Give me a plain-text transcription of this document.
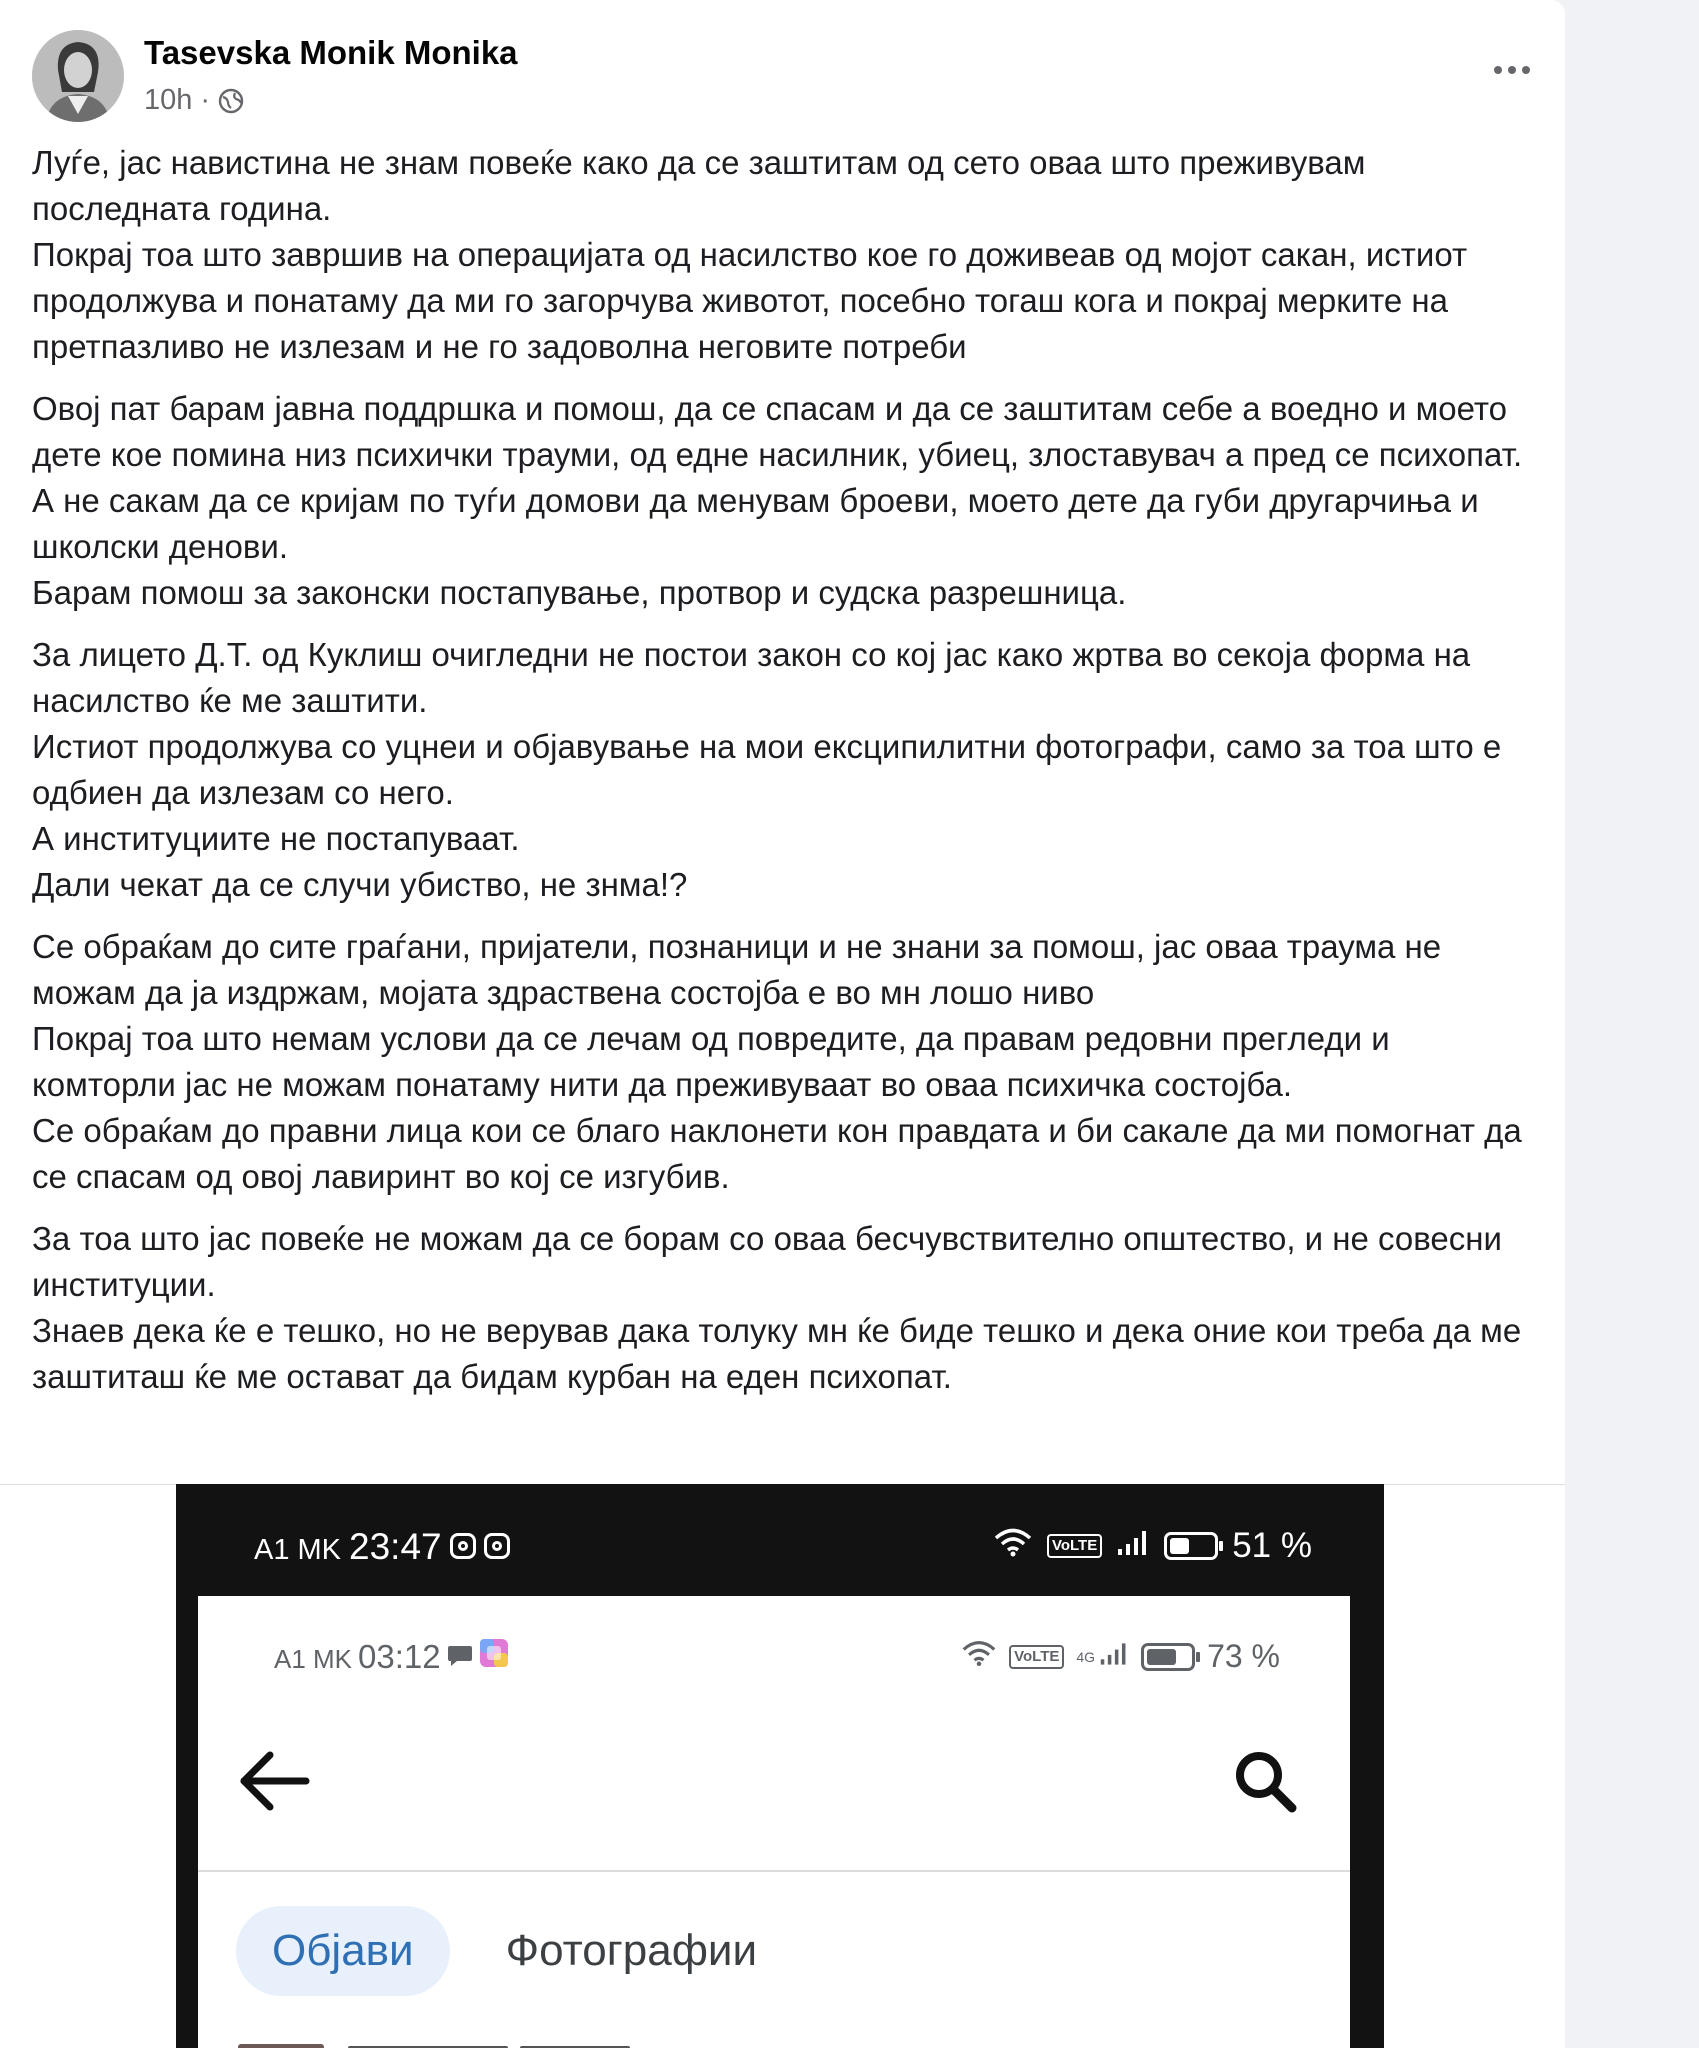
Tasevska Monik Monika
10h ·

Луѓе, јас навистина не знам повеќе како да се заштитам од сето оваа што преживувам последната година.
Покрај тоа што завршив на операцијата од насилство кое го доживеав од мојот сакан, истиот продолжува и понатаму да ми го загорчува животот, посебно тогаш кога и покрај мерките на претпазливо не излезам и не го задоволна неговите потреби

Овој пат барам јавна поддршка и помош, да се спасам и да се заштитам себе а воедно и моето дете кое помина низ психички трауми, од едне насилник, убиец, злоставувач а пред се психопат.
А не сакам да се кријам по туѓи домови да менувам броеви, моето дете да губи другарчиња и школски денови.
Барам помош за законски постапување, протвор и судска разрешница.

За лицето Д.Т. од Куклиш очигледни не постои закон со кој јас како жртва во секоја форма на насилство ќе ме заштити.
Истиот продолжува со уцнеи и објавување на мои ексципилитни фотографи, само за тоа што е одбиен да излезам со него.
А институциите не постапуваат.
Дали чекат да се случи убиство, не знма!?

Се обраќам до сите граѓани, пријатели, познаници и не знани за помош, јас оваа траума не можам да ја издржам, мојата здраствена состојба е во мн лошо ниво
Покрај тоа што немам услови да се лечам од повредите, да правам редовни прегледи и комторли јас не можам понатаму нити да преживуваат во оваа психичка состојба.
Се обраќам до правни лица кои се благо наклонети кон правдата и би сакале да ми помогнат да се спасам од овој лавиринт во кој се изгубив.

За тоа што јас повеќе не можам да се борам со оваа бесчувствително општество, и не совесни институции.
Знаев дека ќе е тешко, но не верував дака толуку мн ќе биде тешко и дека оние кои треба да ме заштиташ ќе ме остават да бидам курбан на еден психопат.

A1 MK 23:47	VoLTE	51 %
A1 MK 03:12	VoLTE	4G	73 %
Објави	Фотографии
